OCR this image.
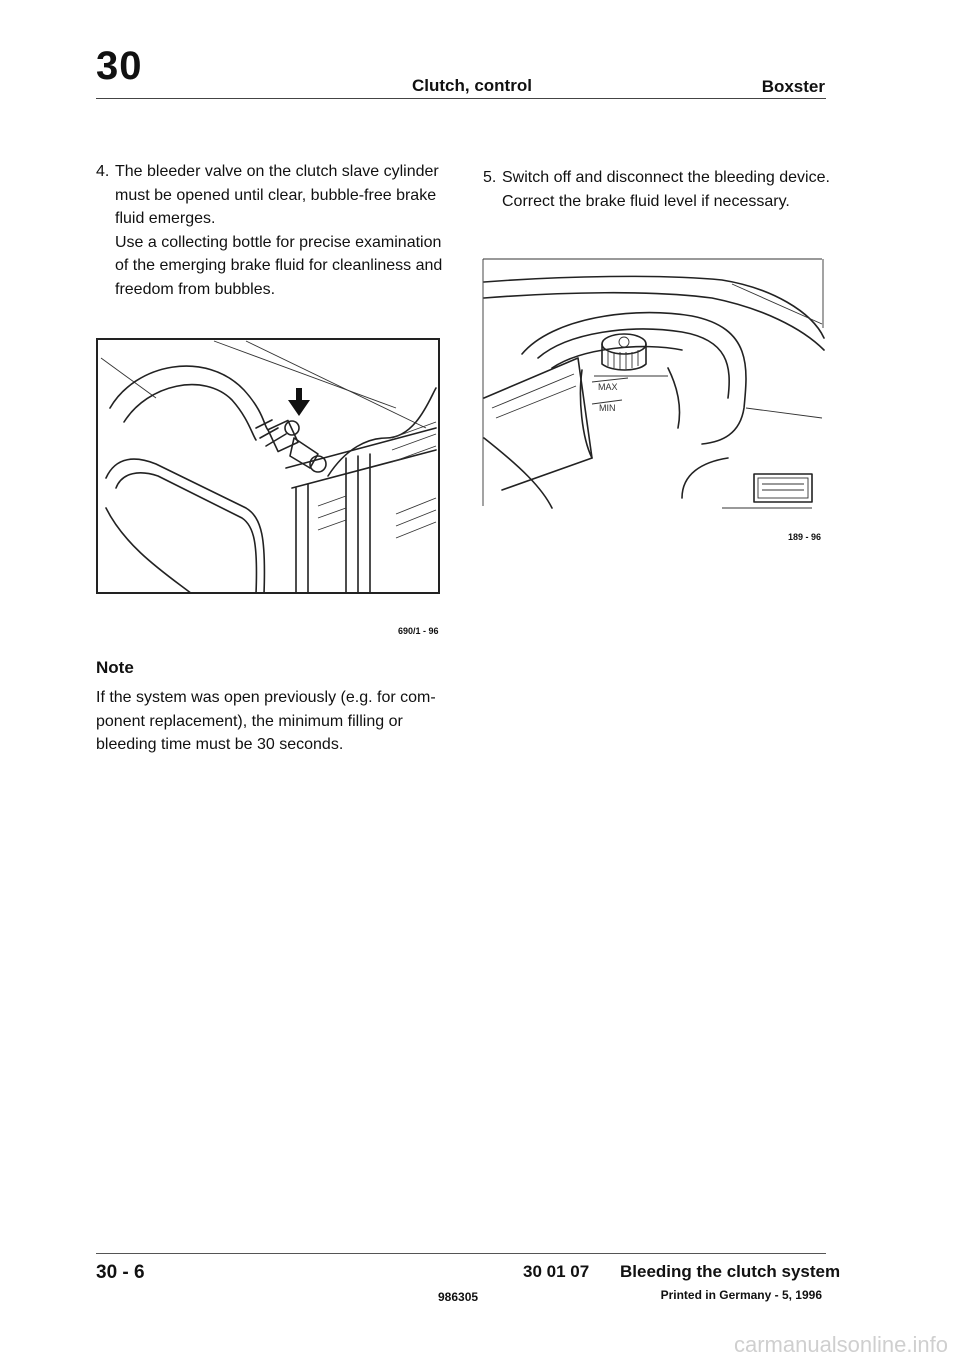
30	Clutch, control	Boxster
4. The bleeder valve on the clutch slave cylinder

must be opened until clear, bubble-free brake

fluid emerges.

Use a collecting bottle for precise examination

of the emerging brake fluid for cleanliness and

freedom from bubbles.

5. Switch off and disconnect the bleeding device.

Correct the brake fluid level if necessary.

690/1 - 96
MAX
MIN
189 - 96
Note
If the system was open previously (e.g. for com-
ponent replacement), the minimum filling or
bleeding time must be 30 seconds.
30 - 6	30 01 07 Bleeding the clutch system
986305	Printed in Germany - 5, 1996
carmanualsonline.info
